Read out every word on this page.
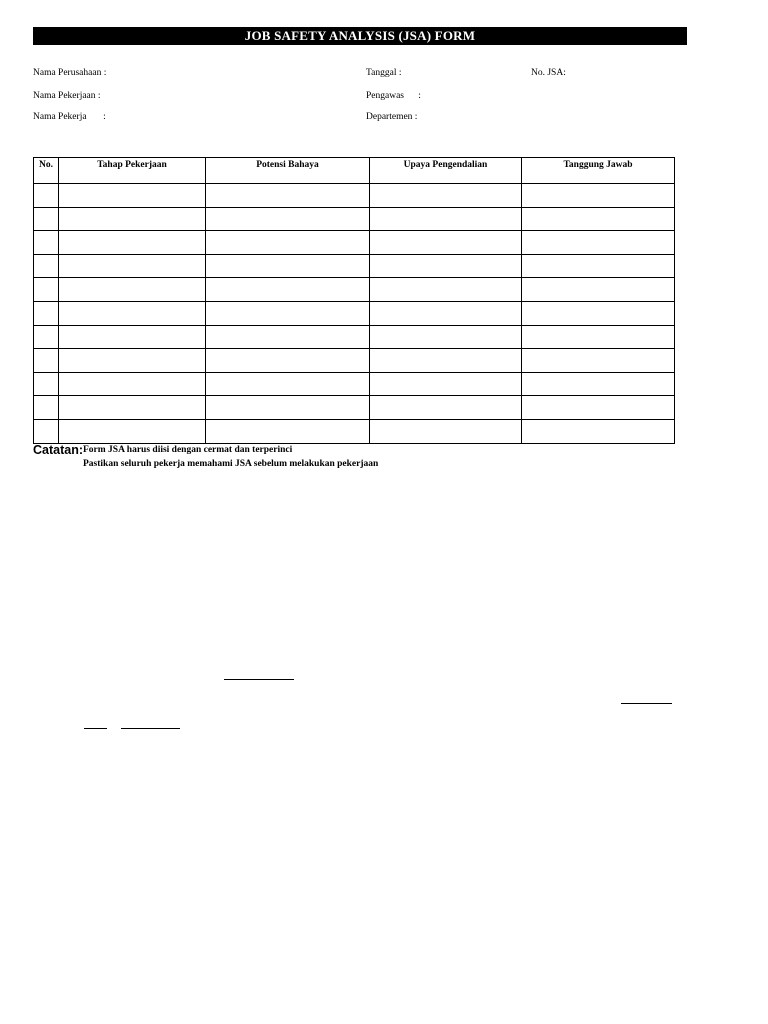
JOB SAFETY ANALYSIS (JSA) FORM
Nama Perusahaan :	Tanggal :	No. JSA:
Nama Pekerjaan :	Pengawas      :
Nama Pekerja       :	Departemen :
No.	Tahap Pekerjaan	Potensi Bahaya	Upaya Pengendalian	Tanggung Jawab

Catatan: Form JSA harus diisi dengan cermat dan terperinci
Pastikan seluruh pekerja memahami JSA sebelum melakukan pekerjaan
